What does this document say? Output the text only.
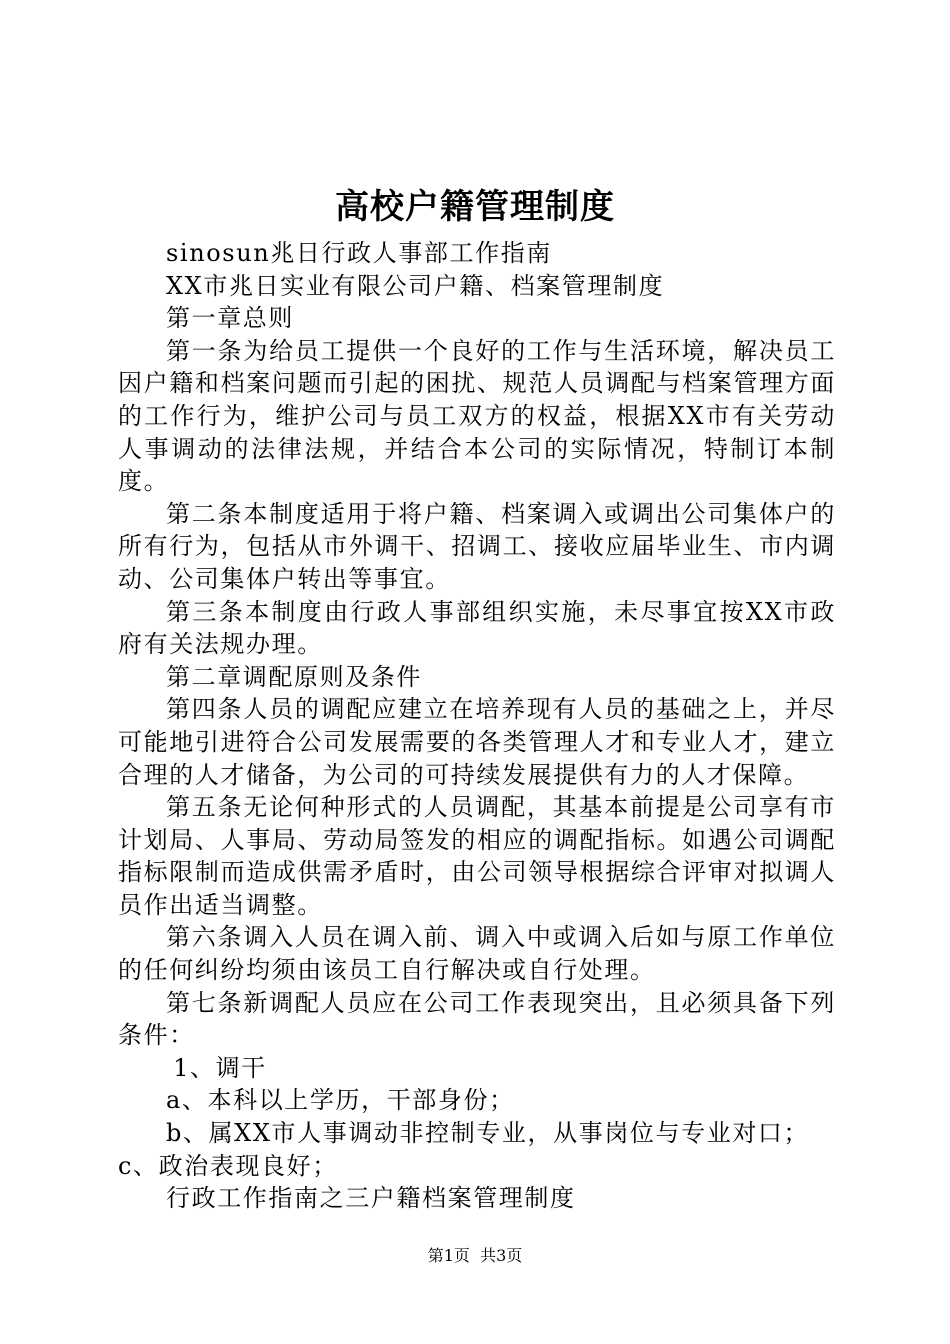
高校户籍管理制度

sinosun兆日行政人事部工作指南

XX市兆日实业有限公司户籍、档案管理制度

第一章总则

第一条为给员工提供一个良好的工作与生活环境，解决员工因户籍和档案问题而引起的困扰、规范人员调配与档案管理方面的工作行为，维护公司与员工双方的权益，根据XX市有关劳动人事调动的法律法规，并结合本公司的实际情况，特制订本制度。

第二条本制度适用于将户籍、档案调入或调出公司集体户的所有行为，包括从市外调干、招调工、接收应届毕业生、市内调动、公司集体户转出等事宜。

第三条本制度由行政人事部组织实施，未尽事宜按XX市政府有关法规办理。

第二章调配原则及条件

第四条人员的调配应建立在培养现有人员的基础之上，并尽可能地引进符合公司发展需要的各类管理人才和专业人才，建立合理的人才储备，为公司的可持续发展提供有力的人才保障。

第五条无论何种形式的人员调配，其基本前提是公司享有市计划局、人事局、劳动局签发的相应的调配指标。如遇公司调配指标限制而造成供需矛盾时，由公司领导根据综合评审对拟调人员作出适当调整。

第六条调入人员在调入前、调入中或调入后如与原工作单位的任何纠纷均须由该员工自行解决或自行处理。

第七条新调配人员应在公司工作表现突出，且必须具备下列条件：

1、调干

a、本科以上学历，干部身份；

b、属XX市人事调动非控制专业，从事岗位与专业对口；

c、政治表现良好；

行政工作指南之三户籍档案管理制度

第1页 共3页
